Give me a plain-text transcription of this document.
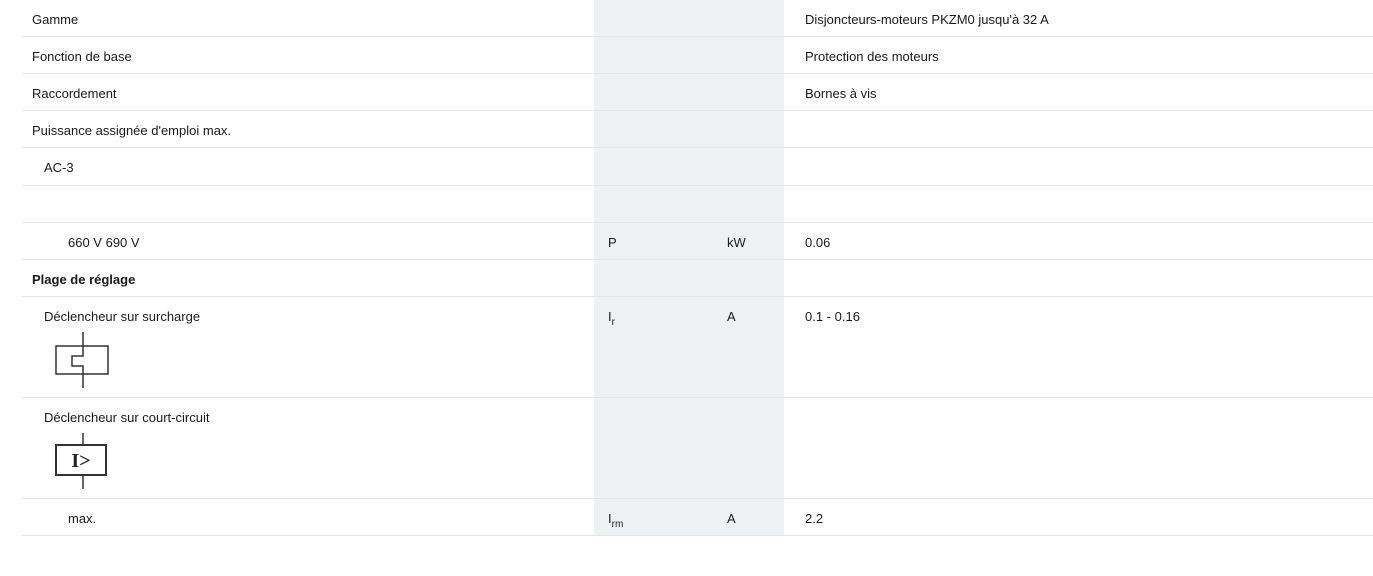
Gamme			Disjoncteurs-moteurs PKZM0 jusqu'à 32 A
Fonction de base			Protection des moteurs
Raccordement			Bornes à vis
Puissance assignée d'emploi max.			
AC-3			

660 V 690 V	P	kW	0.06
Plage de réglage			

Déclencheur sur surcharge	$I_r$	A	0.1 - 0.16

Déclencheur sur court-circuit
I>			

max.	$I_{rm}$	A	2.2
